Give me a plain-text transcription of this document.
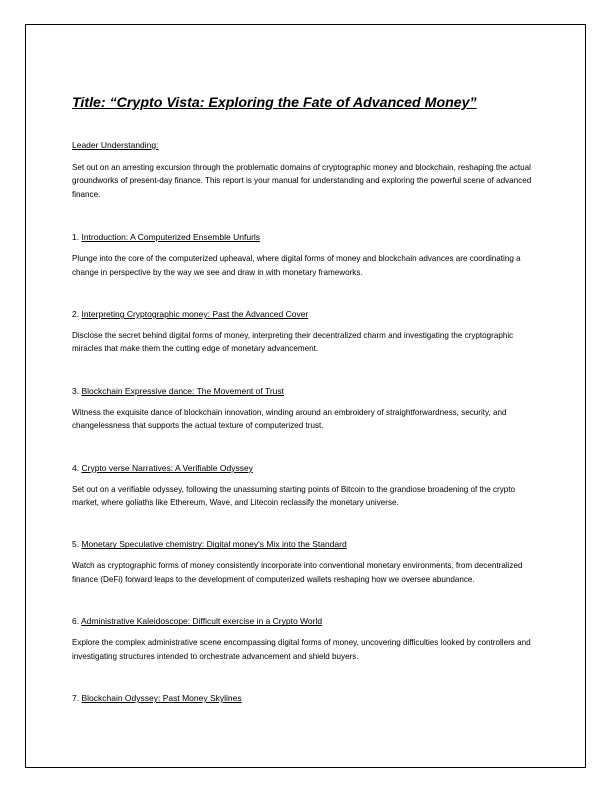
Title: “Crypto Vista: Exploring the Fate of Advanced Money”

Leader Understanding:

Set out on an arresting excursion through the problematic domains of cryptographic money and blockchain, reshaping the actual groundworks of present-day finance. This report is your manual for understanding and exploring the powerful scene of advanced finance.

1. Introduction: A Computerized Ensemble Unfurls

Plunge into the core of the computerized upheaval, where digital forms of money and blockchain advances are coordinating a change in perspective by the way we see and draw in with monetary frameworks.

2. Interpreting Cryptographic money: Past the Advanced Cover

Disclose the secret behind digital forms of money, interpreting their decentralized charm and investigating the cryptographic miracles that make them the cutting edge of monetary advancement.

3. Blockchain Expressive dance: The Movement of Trust

Witness the exquisite dance of blockchain innovation, winding around an embroidery of straightforwardness, security, and changelessness that supports the actual texture of computerized trust.

4. Crypto verse Narratives: A Verifiable Odyssey

Set out on a verifiable odyssey, following the unassuming starting points of Bitcoin to the grandiose broadening of the crypto market, where goliaths like Ethereum, Wave, and Litecoin reclassify the monetary universe.

5. Monetary Speculative chemistry: Digital money's Mix into the Standard

Watch as cryptographic forms of money consistently incorporate into conventional monetary environments, from decentralized finance (DeFi) forward leaps to the development of computerized wallets reshaping how we oversee abundance.

6. Administrative Kaleidoscope: Difficult exercise in a Crypto World

Explore the complex administrative scene encompassing digital forms of money, uncovering difficulties looked by controllers and investigating structures intended to orchestrate advancement and shield buyers.

7. Blockchain Odyssey: Past Money Skylines
